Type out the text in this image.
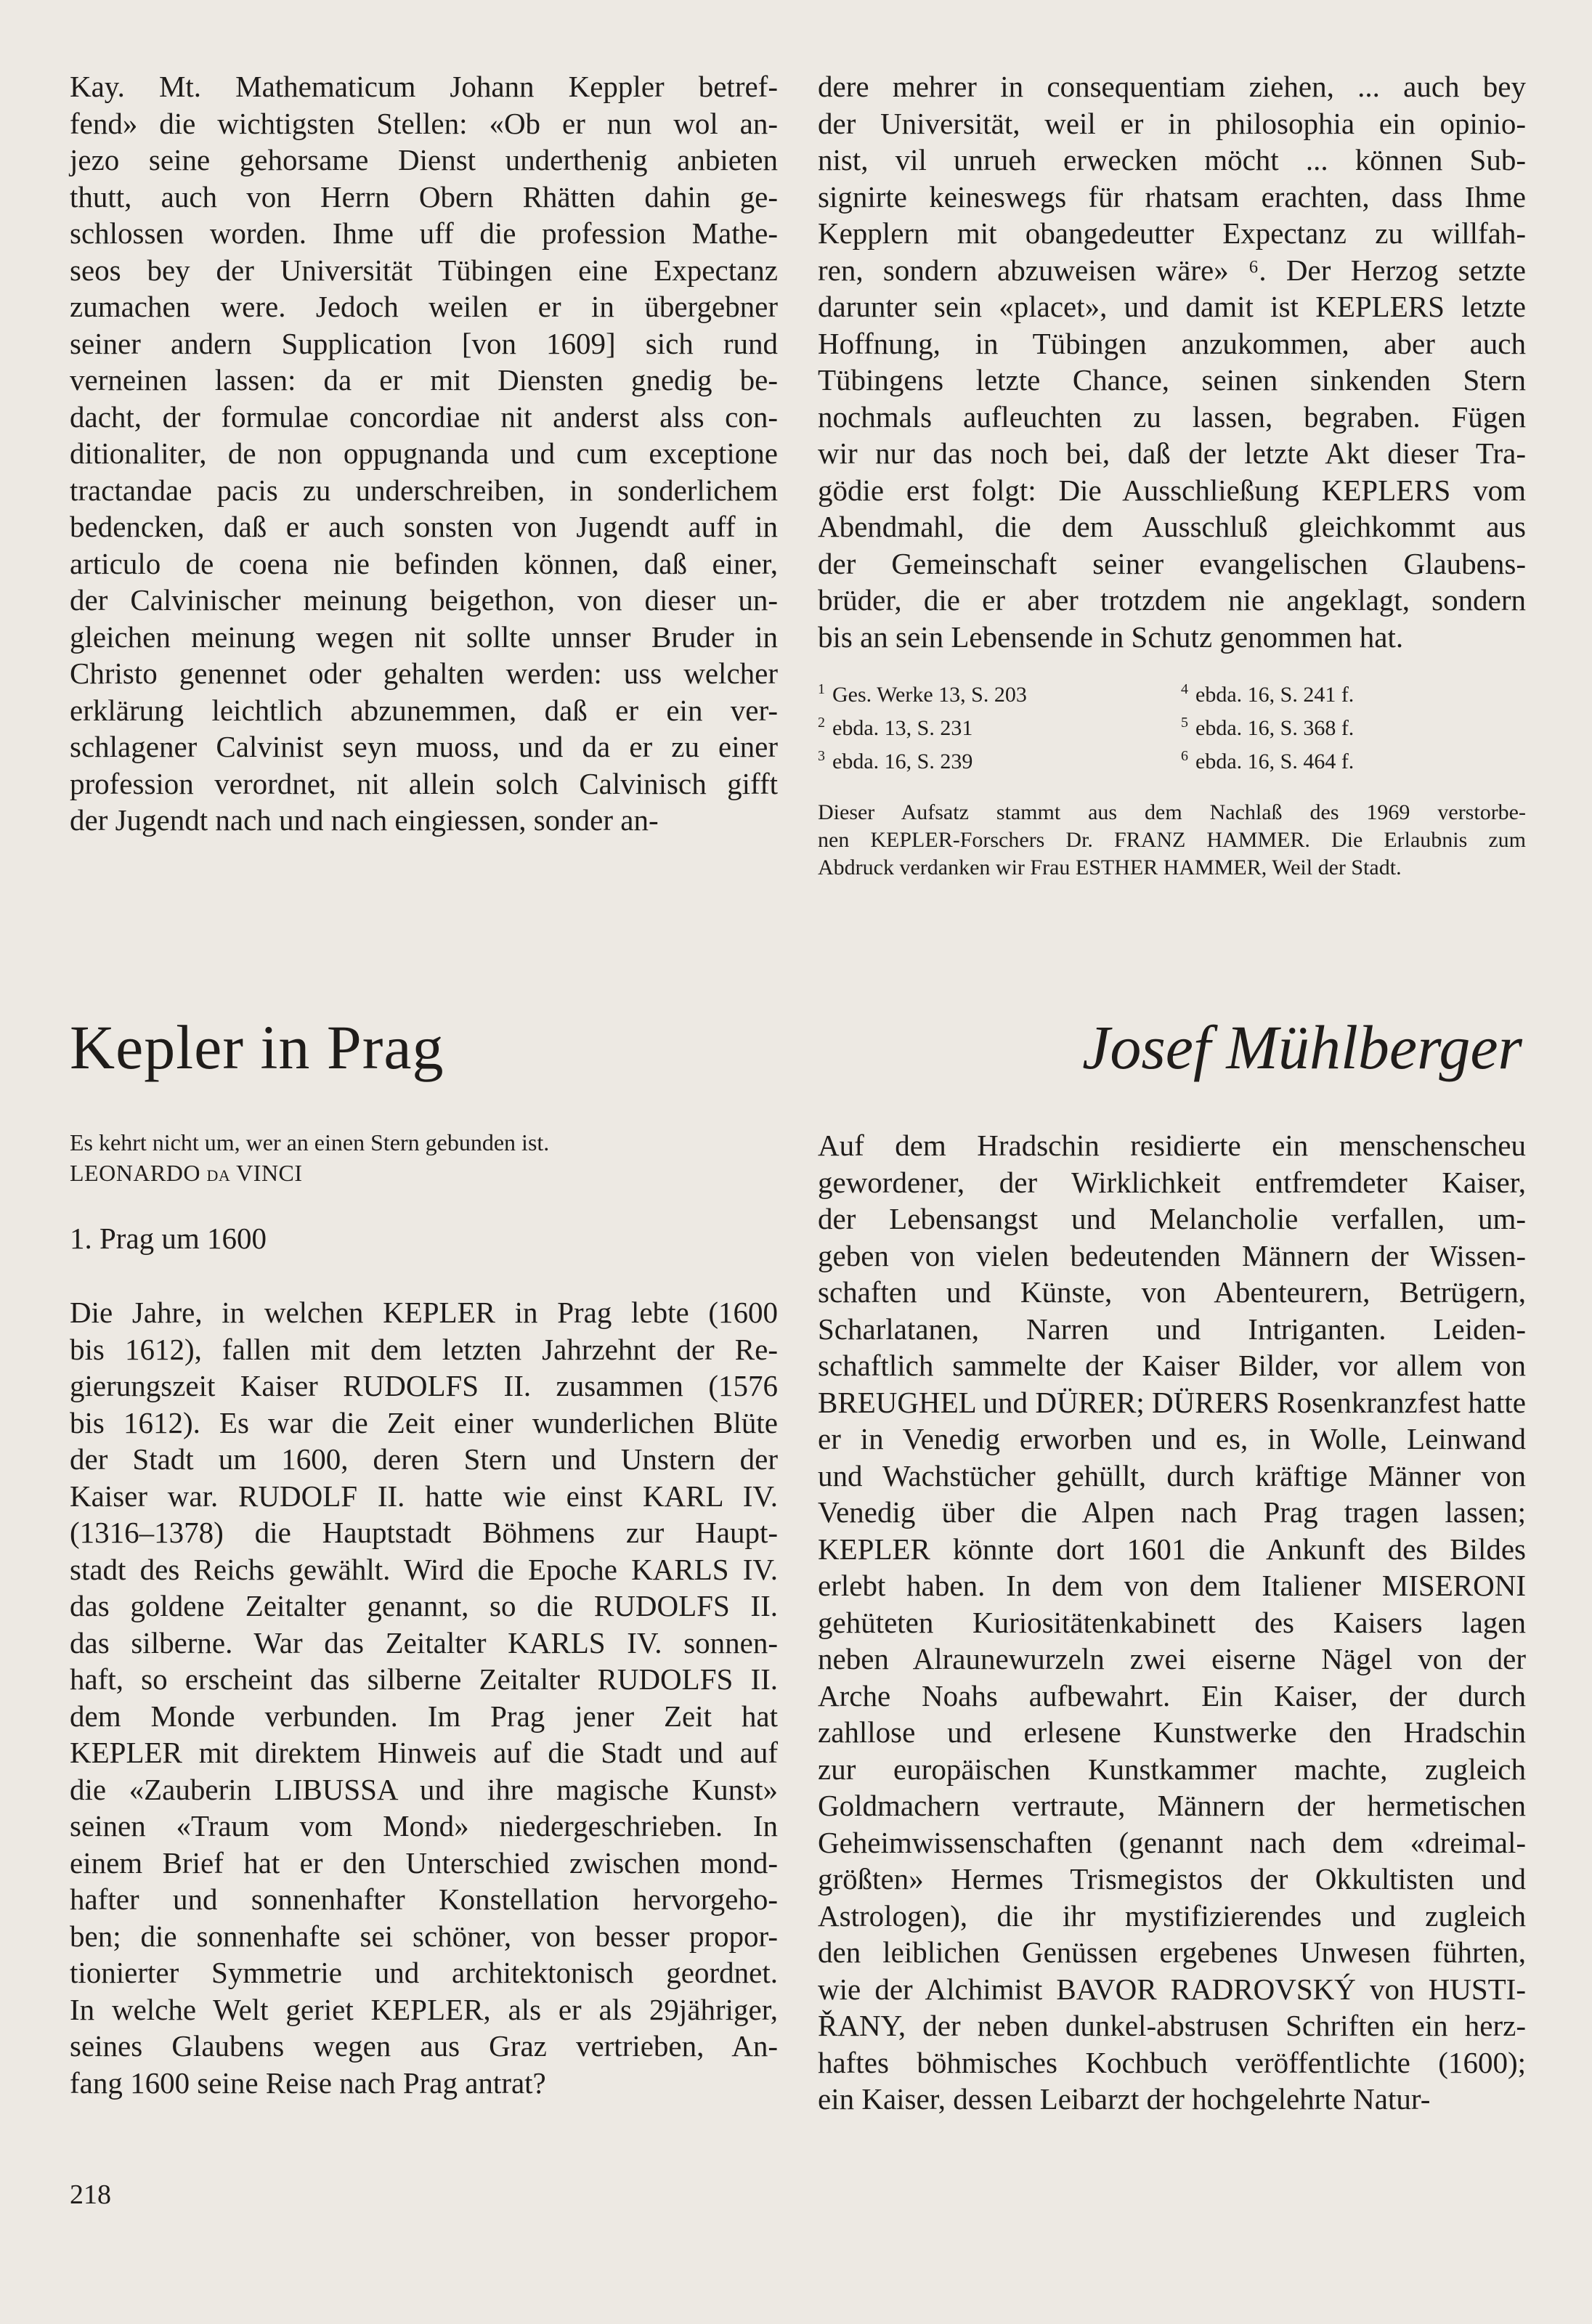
Kay. Mt. Mathematicum Johann Keppler betref-
fend» die wichtigsten Stellen: «Ob er nun wol an-
jezo seine gehorsame Dienst underthenig anbieten
thutt, auch von Herrn Obern Rhätten dahin ge-
schlossen worden. Ihme uff die profession Mathe-
seos bey der Universität Tübingen eine Expectanz
zumachen were. Jedoch weilen er in übergebner
seiner andern Supplication [von 1609] sich rund
verneinen lassen: da er mit Diensten gnedig be-
dacht, der formulae concordiae nit anderst alss con-
ditionaliter, de non oppugnanda und cum exceptione
tractandae pacis zu underschreiben, in sonderlichem
bedencken, daß er auch sonsten von Jugendt auff in
articulo de coena nie befinden können, daß einer,
der Calvinischer meinung beigethon, von dieser un-
gleichen meinung wegen nit sollte unnser Bruder in
Christo genennet oder gehalten werden: uss welcher
erklärung leichtlich abzunemmen, daß er ein ver-
schlagener Calvinist seyn muoss, und da er zu einer
profession verordnet, nit allein solch Calvinisch gifft
der Jugendt nach und nach eingiessen, sonder an-
dere mehrer in consequentiam ziehen, ... auch bey
der Universität, weil er in philosophia ein opinio-
nist, vil unrueh erwecken möcht ... können Sub-
signirte keineswegs für rhatsam erachten, dass Ihme
Kepplern mit obangedeutter Expectanz zu willfah-
ren, sondern abzuweisen wäre» ⁶. Der Herzog setzte
darunter sein «placet», und damit ist KEPLERS letzte
Hoffnung, in Tübingen anzukommen, aber auch
Tübingens letzte Chance, seinen sinkenden Stern
nochmals aufleuchten zu lassen, begraben. Fügen
wir nur das noch bei, daß der letzte Akt dieser Tra-
gödie erst folgt: Die Ausschließung KEPLERS vom
Abendmahl, die dem Ausschluß gleichkommt aus
der Gemeinschaft seiner evangelischen Glaubens-
brüder, die er aber trotzdem nie angeklagt, sondern
bis an sein Lebensende in Schutz genommen hat.
$^1$ Ges. Werke 13, S. 203	$^4$ ebda. 16, S. 241 f.
$^2$ ebda. 13, S. 231	$^5$ ebda. 16, S. 368 f.
$^3$ ebda. 16, S. 239	$^6$ ebda. 16, S. 464 f.
Dieser Aufsatz stammt aus dem Nachlaß des 1969 verstorbe-
nen KEPLER-Forschers Dr. FRANZ HAMMER. Die Erlaubnis zum
Abdruck verdanken wir Frau ESTHER HAMMER, Weil der Stadt.
Kepler in Prag	Josef Mühlberger
Es kehrt nicht um, wer an einen Stern gebunden ist.
LEONARDO da VINCI
1. Prag um 1600
Die Jahre, in welchen KEPLER in Prag lebte (1600
bis 1612), fallen mit dem letzten Jahrzehnt der Re-
gierungszeit Kaiser RUDOLFS II. zusammen (1576
bis 1612). Es war die Zeit einer wunderlichen Blüte
der Stadt um 1600, deren Stern und Unstern der
Kaiser war. RUDOLF II. hatte wie einst KARL IV.
(1316–1378) die Hauptstadt Böhmens zur Haupt-
stadt des Reichs gewählt. Wird die Epoche KARLS IV.
das goldene Zeitalter genannt, so die RUDOLFS II.
das silberne. War das Zeitalter KARLS IV. sonnen-
haft, so erscheint das silberne Zeitalter RUDOLFS II.
dem Monde verbunden. Im Prag jener Zeit hat
KEPLER mit direktem Hinweis auf die Stadt und auf
die «Zauberin LIBUSSA und ihre magische Kunst»
seinen «Traum vom Mond» niedergeschrieben. In
einem Brief hat er den Unterschied zwischen mond-
hafter und sonnenhafter Konstellation hervorgeho-
ben; die sonnenhafte sei schöner, von besser propor-
tionierter Symmetrie und architektonisch geordnet.
In welche Welt geriet KEPLER, als er als 29jähriger,
seines Glaubens wegen aus Graz vertrieben, An-
fang 1600 seine Reise nach Prag antrat?
Auf dem Hradschin residierte ein menschenscheu
gewordener, der Wirklichkeit entfremdeter Kaiser,
der Lebensangst und Melancholie verfallen, um-
geben von vielen bedeutenden Männern der Wissen-
schaften und Künste, von Abenteurern, Betrügern,
Scharlatanen, Narren und Intriganten. Leiden-
schaftlich sammelte der Kaiser Bilder, vor allem von
BREUGHEL und DÜRER; DÜRERS Rosenkranzfest hatte
er in Venedig erworben und es, in Wolle, Leinwand
und Wachstücher gehüllt, durch kräftige Männer von
Venedig über die Alpen nach Prag tragen lassen;
KEPLER könnte dort 1601 die Ankunft des Bildes
erlebt haben. In dem von dem Italiener MISERONI
gehüteten Kuriositätenkabinett des Kaisers lagen
neben Alraunewurzeln zwei eiserne Nägel von der
Arche Noahs aufbewahrt. Ein Kaiser, der durch
zahllose und erlesene Kunstwerke den Hradschin
zur europäischen Kunstkammer machte, zugleich
Goldmachern vertraute, Männern der hermetischen
Geheimwissenschaften (genannt nach dem «dreimal-
größten» Hermes Trismegistos der Okkultisten und
Astrologen), die ihr mystifizierendes und zugleich
den leiblichen Genüssen ergebenes Unwesen führten,
wie der Alchimist BAVOR RADROVSKÝ von HUSTI-
ŘANY, der neben dunkel-abstrusen Schriften ein herz-
haftes böhmisches Kochbuch veröffentlichte (1600);
ein Kaiser, dessen Leibarzt der hochgelehrte Natur-
218
